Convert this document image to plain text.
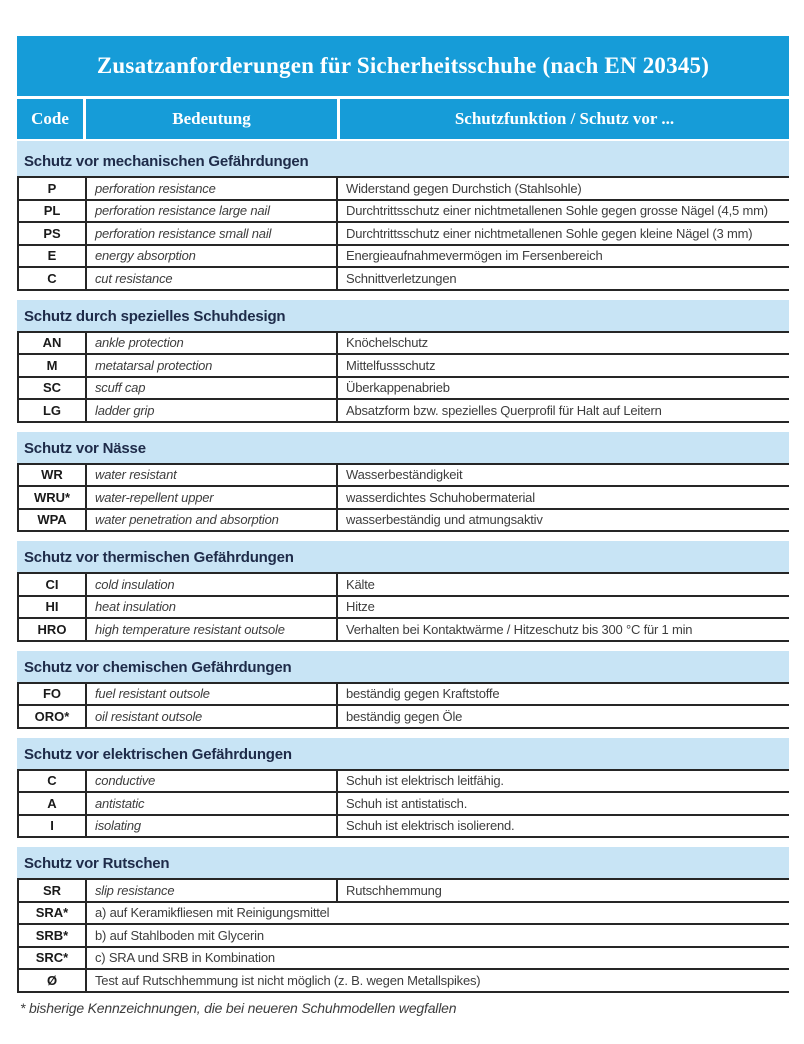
Zusatzanforderungen für Sicherheitsschuhe (nach EN 20345)
Code	Bedeutung	Schutzfunktion / Schutz vor ...
Schutz vor mechanischen Gefährdungen
P	perforation resistance	Widerstand gegen Durchstich (Stahlsohle)
PL	perforation resistance large nail	Durchtrittsschutz einer nichtmetallenen Sohle gegen grosse Nägel (4,5 mm)
PS	perforation resistance small nail	Durchtrittsschutz einer nichtmetallenen Sohle gegen kleine Nägel (3 mm)
E	energy absorption	Energieaufnahmevermögen im Fersenbereich
C	cut resistance	Schnittverletzungen
Schutz durch spezielles Schuhdesign
AN	ankle protection	Knöchelschutz
M	metatarsal protection	Mittelfussschutz
SC	scuff cap	Überkappenabrieb
LG	ladder grip	Absatzform bzw. spezielles Querprofil für Halt auf Leitern
Schutz vor Nässe
WR	water resistant	Wasserbeständigkeit
WRU*	water-repellent upper	wasserdichtes Schuhobermaterial
WPA	water penetration and absorption	wasserbeständig und atmungsaktiv
Schutz vor thermischen Gefährdungen
CI	cold insulation	Kälte
HI	heat insulation	Hitze
HRO	high temperature resistant outsole	Verhalten bei Kontaktwärme / Hitzeschutz bis 300 °C für 1 min
Schutz vor chemischen Gefährdungen
FO	fuel resistant outsole	beständig gegen Kraftstoffe
ORO*	oil resistant outsole	beständig gegen Öle
Schutz vor elektrischen Gefährdungen
C	conductive	Schuh ist elektrisch leitfähig.
A	antistatic	Schuh ist antistatisch.
I	isolating	Schuh ist elektrisch isolierend.
Schutz vor Rutschen
SR	slip resistance	Rutschhemmung
SRA*	a) auf Keramikfliesen mit Reinigungsmittel
SRB*	b) auf Stahlboden mit Glycerin
SRC*	c) SRA und SRB in Kombination
Ø	Test auf Rutschhemmung ist nicht möglich (z. B. wegen Metallspikes)
* bisherige Kennzeichnungen, die bei neueren Schuhmodellen wegfallen
